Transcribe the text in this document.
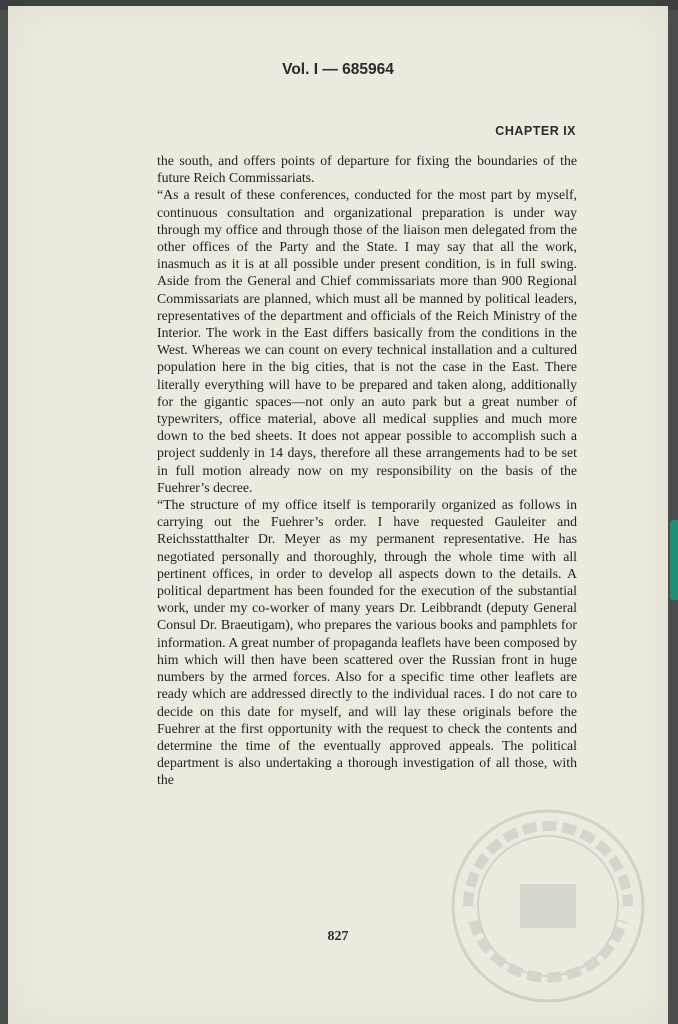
Vol. I — 685964
CHAPTER IX

the south, and offers points of departure for fixing the boundaries of the future Reich Commissariats.

“As a result of these conferences, conducted for the most part by myself, continuous consultation and organizational preparation is under way through my office and through those of the liaison men delegated from the other offices of the Party and the State. I may say that all the work, inasmuch as it is at all possible under present condition, is in full swing. Aside from the General and Chief commissariats more than 900 Regional Commissariats are planned, which must all be manned by political leaders, representatives of the department and officials of the Reich Ministry of the Interior. The work in the East differs basically from the conditions in the West. Whereas we can count on every technical installation and a cultured population here in the big cities, that is not the case in the East. There literally everything will have to be prepared and taken along, additionally for the gigantic spaces—not only an auto park but a great number of typewriters, office material, above all medical supplies and much more down to the bed sheets. It does not appear possible to accomplish such a project suddenly in 14 days, therefore all these arrangements had to be set in full motion already now on my responsibility on the basis of the Fuehrer’s decree.

“The structure of my office itself is temporarily organized as follows in carrying out the Fuehrer’s order. I have requested Gauleiter and Reichsstatthalter Dr. Meyer as my permanent representative. He has negotiated personally and thoroughly, through the whole time with all pertinent offices, in order to develop all aspects down to the details. A political department has been founded for the execution of the substantial work, under my co-worker of many years Dr. Leibbrandt (deputy General Consul Dr. Braeutigam), who prepares the various books and pamphlets for information. A great number of propaganda leaflets have been composed by him which will then have been scattered over the Russian front in huge numbers by the armed forces. Also for a specific time other leaflets are ready which are addressed directly to the individual races. I do not care to decide on this date for myself, and will lay these originals before the Fuehrer at the first opportunity with the request to check the contents and determine the time of the eventually approved appeals. The political department is also undertaking a thorough investigation of all those, with the

827
